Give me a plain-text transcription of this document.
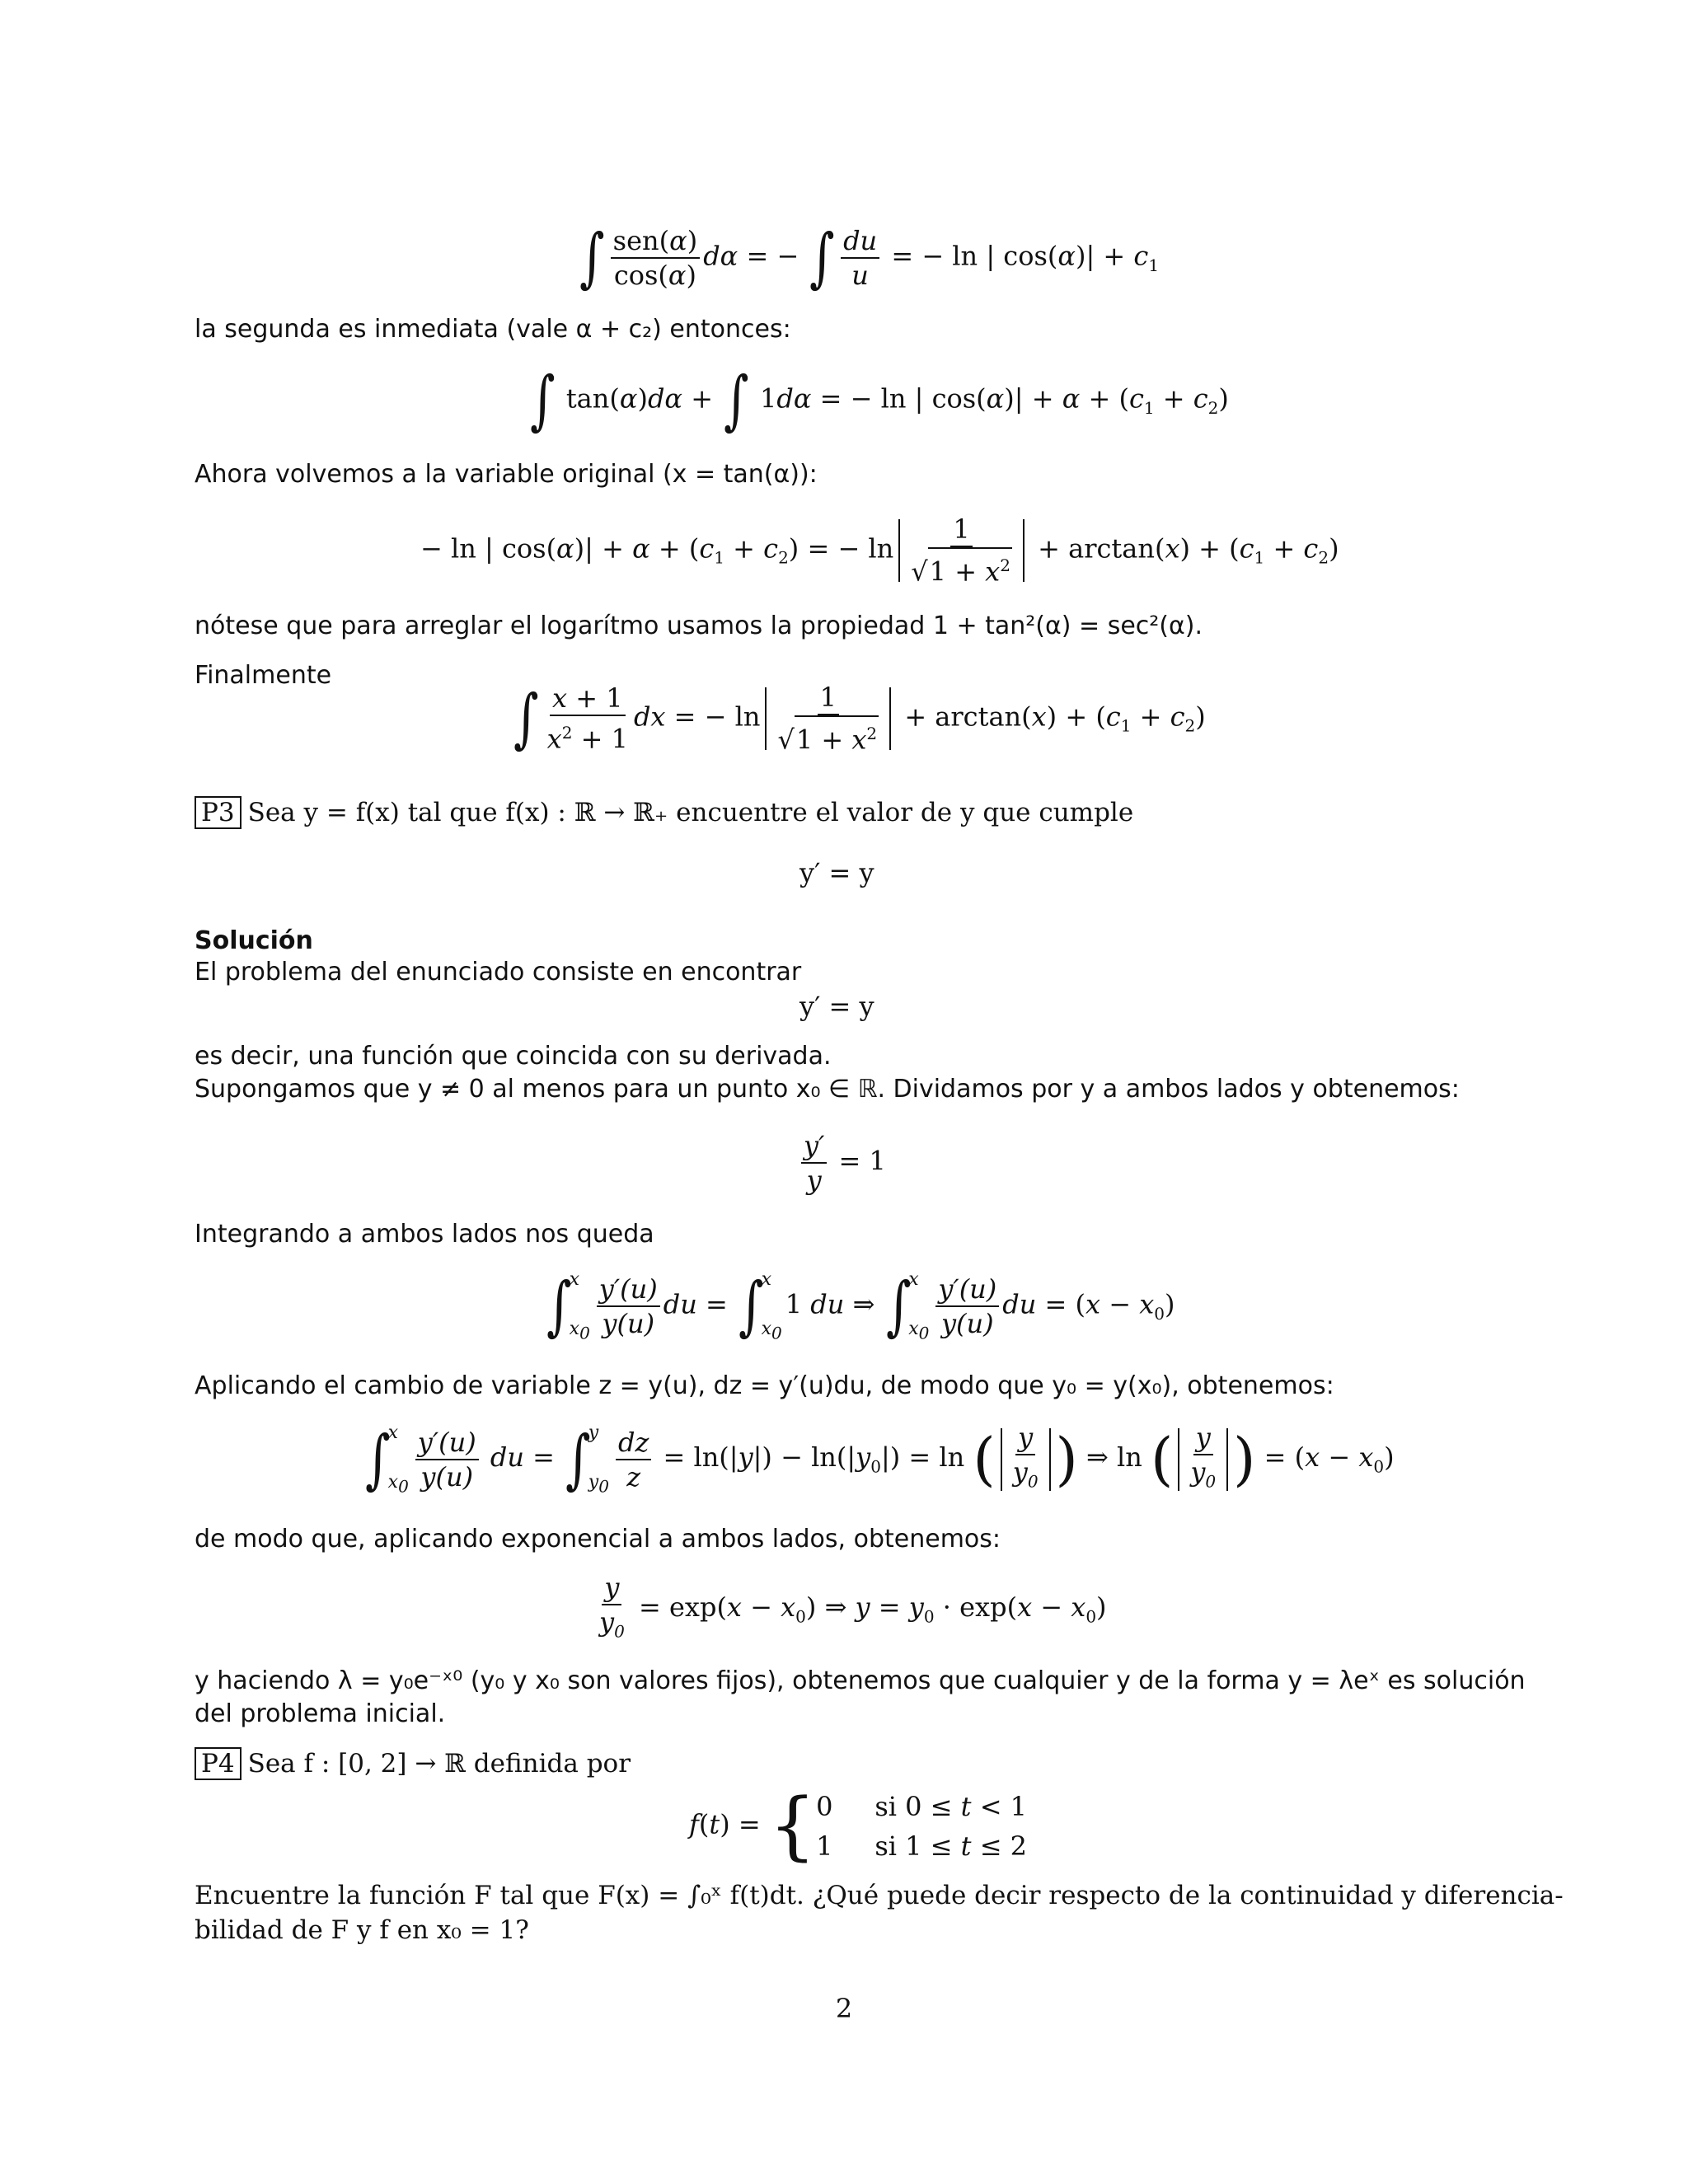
∫ $\frac{\text{sen(α)}}{\cos(\alpha)}$ dα = − ∫ $\frac{du}{u}$ = − ln | $\cos(\alpha)| + c_1$
la segunda es inmediata (vale α + c₂) entonces:
∫ tan(α)dα + ∫ 1dα = − ln | $\cos(\alpha)| + \alpha + (c_1 + c_2)$
Ahora volvemos a la variable original (x = tan(α)):
− ln | $\cos(\alpha)| + \alpha + (c_1 + c_2)$ = − $\ln \frac{1}{√1 + x^2} + \arctan(x) + (c_1 + c_2)$
nótese que para arreglar el logarítmo usamos la propiedad 1 + tan²(α) = sec²(α).
Finalmente
∫ $\frac{x + 1}{x^2 + 1}$ dx = − $\ln \frac{1}{√1 + x^2} + \arctan(x) + (c_1 + c_2)$
P3 Sea y = f(x) tal que f(x) : ℝ → ℝ₊ encuentre el valor de y que cumple
y′ = y
Solución
El problema del enunciado consiste en encontrar
y′ = y
es decir, una función que coincida con su derivada.
Supongamos que y ≠ 0 al menos para un punto x₀ ∈ ℝ. Dividamos por y a ambos lados y obtenemos:
$\frac{y'}{y} = 1$
Integrando a ambos lados nos queda
∫
x
$x_0 \frac{y'(u)}{y(u)}$ du = ∫
x
$x_0$
1 du ⇒ ∫
x
$x_0 \frac{y'(u)}{y(u)}$ du = $(x - x_0)$
Aplicando el cambio de variable z = y(u), dz = y′(u)du, de modo que y₀ = y(x₀), obtenemos:
∫
x
$x_0 \frac{y'(u)}{y(u)}$ du = ∫
y
$y_0 \frac{dz}{z} = \ln(|y|) - \ln(|y_0|) = \ln$ ( $\frac{y}{y_0}$ ) ⇒ ln ( $\frac{y}{y_0}$ ) = $(x - x_0)$
de modo que, aplicando exponencial a ambos lados, obtenemos:
$\frac{y}{y_0} = \exp(x - x_0)$ ⇒ $y = y_0 \cdot \exp(x - x_0)$
y haciendo λ = y₀e⁻ˣ⁰ (y₀ y x₀ son valores fijos), obtenemos que cualquier y de la forma y = λeˣ es solución
del problema inicial.
P4 Sea f : [0, 2] → ℝ definida por
f(t) = { 0     si 0 ≤ t < 1
1     si 1 ≤ t ≤ 2
Encuentre la función F tal que F(x) = ∫₀ˣ f(t)dt. ¿Qué puede decir respecto de la continuidad y diferencia-
bilidad de F y f en x₀ = 1?
2
